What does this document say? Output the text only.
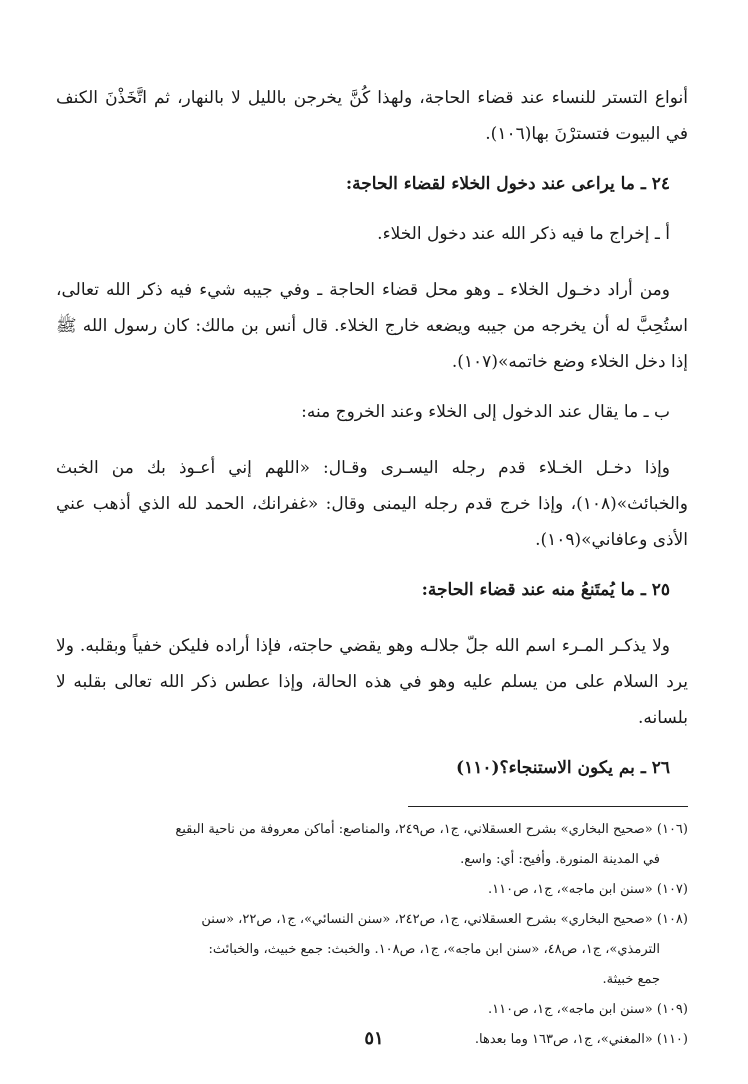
أنواع التستر للنساء عند قضاء الحاجة، ولهذا كُنَّ يخرجن بالليل لا بالنهار، ثم اتَّخَذْنَ الكنف في البيوت فتسترْنَ بها(١٠٦).

٢٤ ـ ما يراعى عند دخول الخلاء لقضاء الحاجة:

أ ـ إخراج ما فيه ذكر الله عند دخول الخلاء.

ومن أراد دخـول الخلاء ـ وهو محل قضاء الحاجة ـ وفي جيبه شيء فيه ذكر الله تعالى، استُحِبَّ له أن يخرجه من جيبه ويضعه خارج الخلاء. قال أنس بن مالك: كان رسول الله ﷺ إذا دخل الخلاء وضع خاتمه»(١٠٧).

ب ـ ما يقال عند الدخول إلى الخلاء وعند الخروج منه:

وإذا دخـل الخـلاء قدم رجله اليسـرى وقـال: «اللهم إني أعـوذ بك من الخبث والخبائث»(١٠٨)، وإذا خرج قدم رجله اليمنى وقال: «غفرانك، الحمد لله الذي أذهب عني الأذى وعافاني»(١٠٩).

٢٥ ـ ما يُمتَنعُ منه عند قضاء الحاجة:

ولا يذكـر المـرء اسم الله جلّ جلالـه وهو يقضي حاجته، فإذا أراده فليكن خفياً وبقلبه. ولا يرد السلام على من يسلم عليه وهو في هذه الحالة، وإذا عطس ذكر الله تعالى بقلبه لا بلسانه.

٢٦ ـ بم يكون الاستنجاء؟(١١٠)

(١٠٦) «صحيح البخاري» بشرح العسقلاني، ج١، ص٢٤٩، والمناصع: أماكن معروفة من ناحية البقيع
في المدينة المنورة. وأفيح: أي: واسع.

(١٠٧) «سنن ابن ماجه»، ج١، ص١١٠.

(١٠٨) «صحيح البخاري» بشرح العسقلاني، ج١، ص٢٤٢، «سنن النسائي»، ج١، ص٢٢، «سنن
الترمذي»، ج١، ص٤٨، «سنن ابن ماجه»، ج١، ص١٠٨. والخبث: جمع خبيث، والخبائث:
جمع خبيثة.

(١٠٩) «سنن ابن ماجه»، ج١، ص١١٠.

(١١٠) «المغني»، ج١، ص١٦٣ وما بعدها.

٥١
